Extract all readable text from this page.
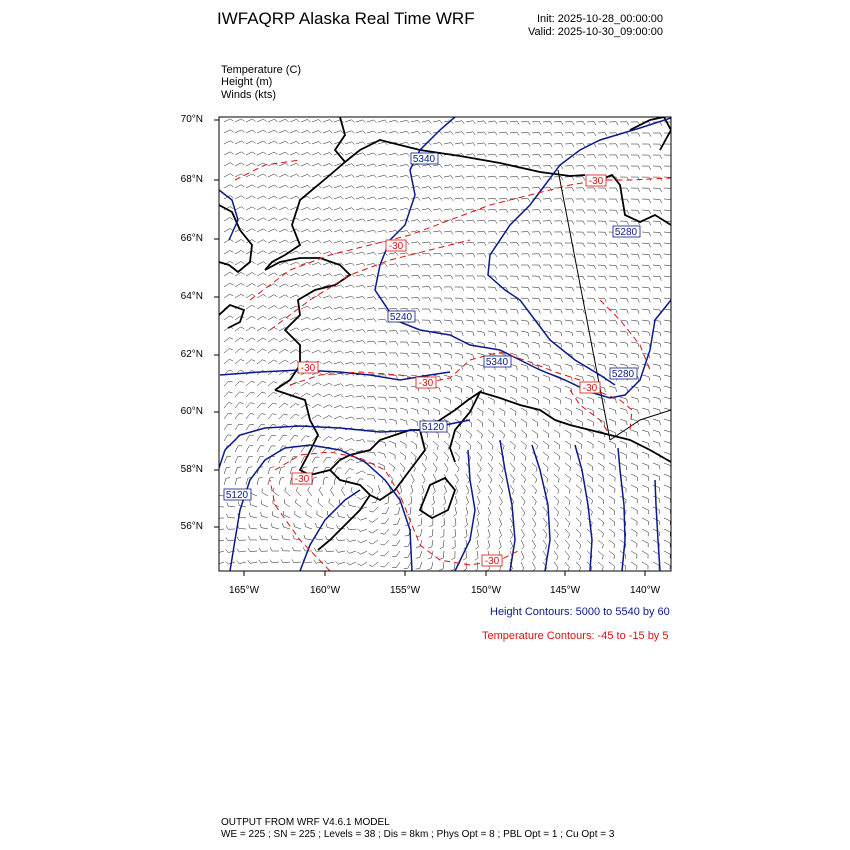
IWFAQRP Alaska Real Time WRF	Init: 2025-10-28_00:00:00
Valid: 2025-10-30_09:00:00
Temperature (C)
Height (m)
Winds (kts)
5340
5280
5240
5340
5280
5120
5120
-30
-30
-30
-30	-30
-30
-30
70°N
68°N
66°N
64°N
62°N
60°N
58°N
56°N
165°W	160°W	155°W	150°W	145°W	140°W
Height Contours: 5000 to 5540 by 60
Temperature Contours: -45 to -15 by 5
OUTPUT FROM WRF V4.6.1 MODEL
WE = 225 ; SN = 225 ; Levels = 38 ; Dis = 8km ; Phys Opt = 8 ; PBL Opt = 1 ; Cu Opt = 3
